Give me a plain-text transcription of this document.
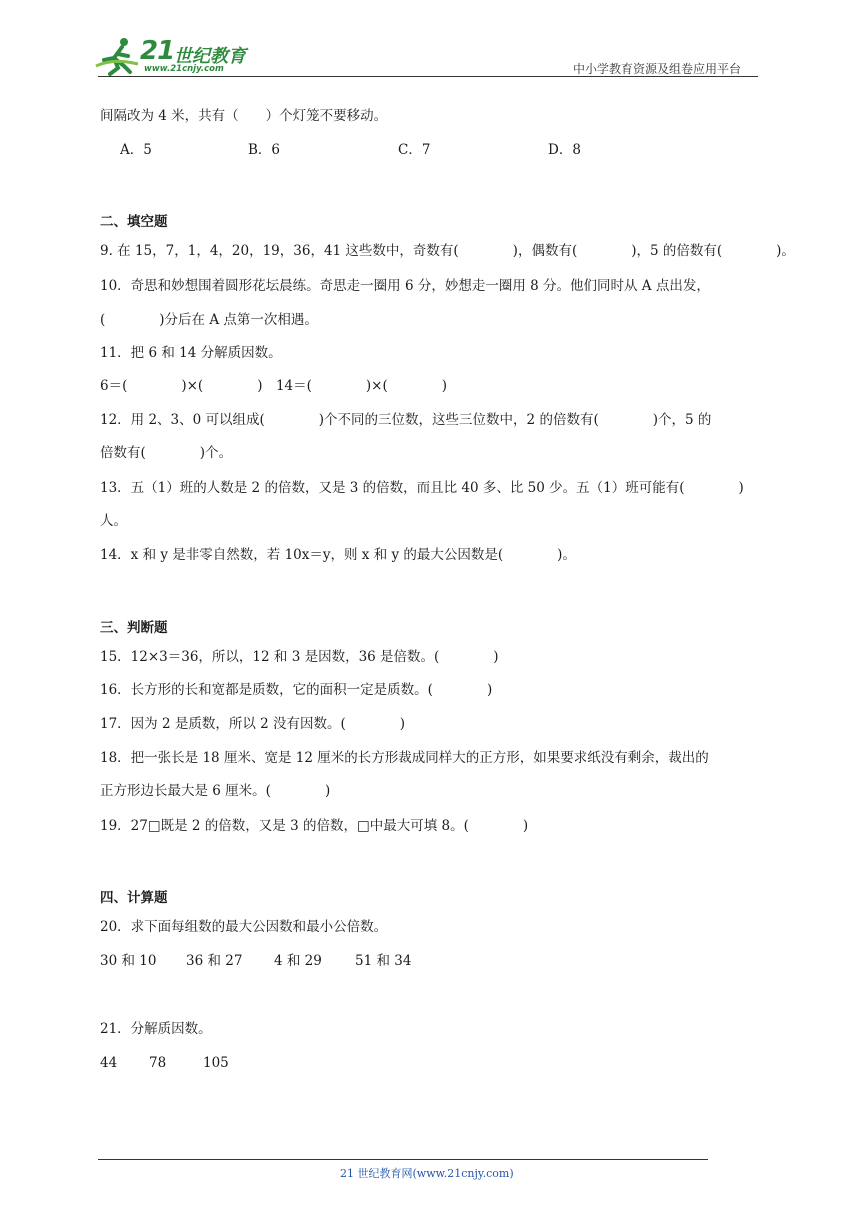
21 世纪教育
www.21cnjy.com	中小学教育资源及组卷应用平台
间隔改为 4 米，共有（　　）个灯笼不要移动。
A．5	B．6	C．7	D．8
二、填空题
9. 在 15，7，1，4，20，19，36，41 这些数中，奇数有(　　　　)，偶数有(　　　　)，5 的倍数有(　　　　)。
10．奇思和妙想围着圆形花坛晨练。奇思走一圈用 6 分，妙想走一圈用 8 分。他们同时从 A 点出发，
(　　　　)分后在 A 点第一次相遇。
11．把 6 和 14 分解质因数。
6＝(　　　　)×(　　　　)　14＝(　　　　)×(　　　　)
12．用 2、3、0 可以组成(　　　　)个不同的三位数，这些三位数中，2 的倍数有(　　　　)个，5 的
倍数有(　　　　)个。
13．五（1）班的人数是 2 的倍数，又是 3 的倍数，而且比 40 多、比 50 少。五（1）班可能有(　　　　)
人。
14．x 和 y 是非零自然数，若 10x＝y，则 x 和 y 的最大公因数是(　　　　)。
三、判断题
15．12×3＝36，所以，12 和 3 是因数，36 是倍数。(　　　　)
16．长方形的长和宽都是质数，它的面积一定是质数。(　　　　)
17．因为 2 是质数，所以 2 没有因数。(　　　　)
18．把一张长是 18 厘米、宽是 12 厘米的长方形裁成同样大的正方形，如果要求纸没有剩余，裁出的
正方形边长最大是 6 厘米。(　　　　)
19．27□既是 2 的倍数，又是 3 的倍数，□中最大可填 8。(　　　　)
四、计算题
20．求下面每组数的最大公因数和最小公倍数。
30 和 10 36 和 27 4 和 29 51 和 34
21．分解质因数。
44 78	105
21 世纪教育网(www.21cnjy.com)
